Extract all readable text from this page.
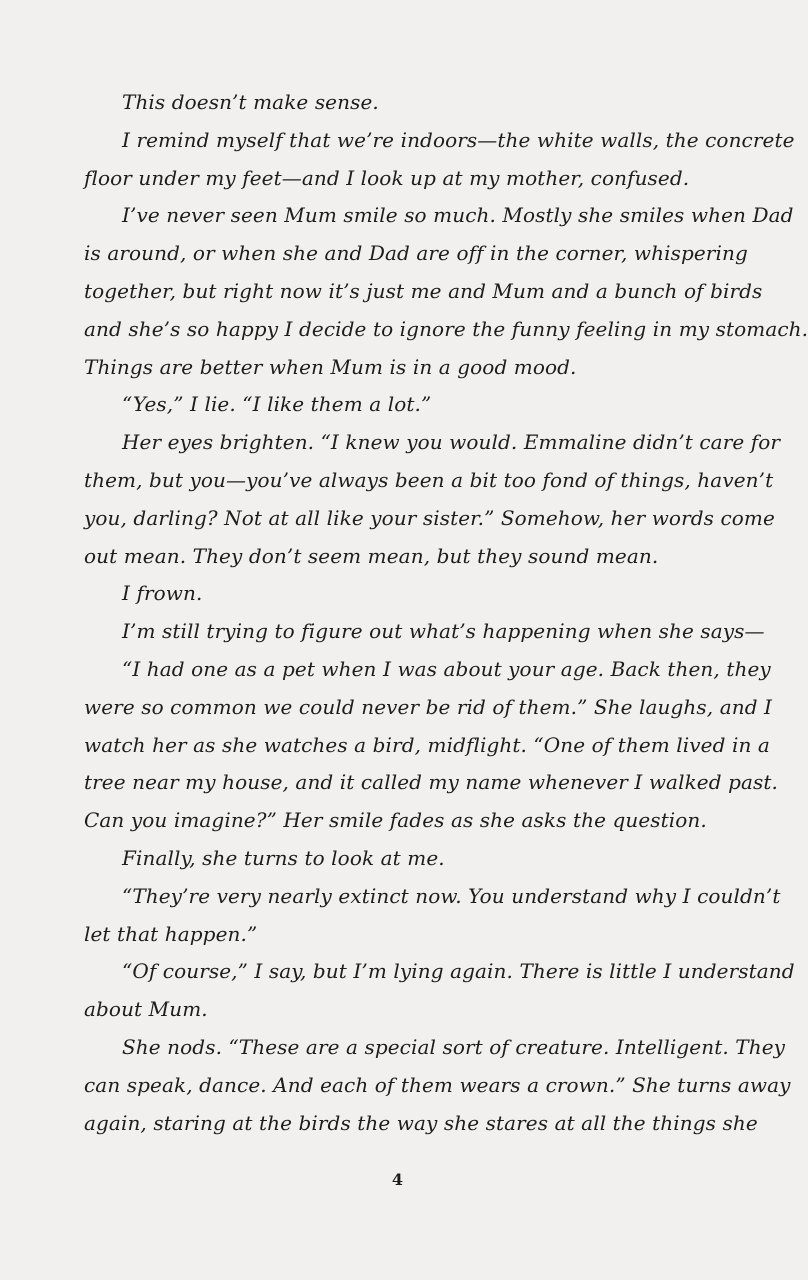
This doesn’t make sense.
I remind myself that we’re indoors—the white walls, the concrete
floor under my feet—and I look up at my mother, confused.
I’ve never seen Mum smile so much. Mostly she smiles when Dad
is around, or when she and Dad are off in the corner, whispering
together, but right now it’s just me and Mum and a bunch of birds
and she’s so happy I decide to ignore the funny feeling in my stomach.
Things are better when Mum is in a good mood.
“Yes,” I lie. “I like them a lot.”
Her eyes brighten. “I knew you would. Emmaline didn’t care for
them, but you—you’ve always been a bit too fond of things, haven’t
you, darling? Not at all like your sister.” Somehow, her words come
out mean. They don’t seem mean, but they sound mean.
I frown.
I’m still trying to figure out what’s happening when she says—
“I had one as a pet when I was about your age. Back then, they
were so common we could never be rid of them.” She laughs, and I
watch her as she watches a bird, midflight. “One of them lived in a
tree near my house, and it called my name whenever I walked past.
Can you imagine?” Her smile fades as she asks the question.
Finally, she turns to look at me.
“They’re very nearly extinct now. You understand why I couldn’t
let that happen.”
“Of course,” I say, but I’m lying again. There is little I understand
about Mum.
She nods. “These are a special sort of creature. Intelligent. They
can speak, dance. And each of them wears a crown.” She turns away
again, staring at the birds the way she stares at all the things she
4
